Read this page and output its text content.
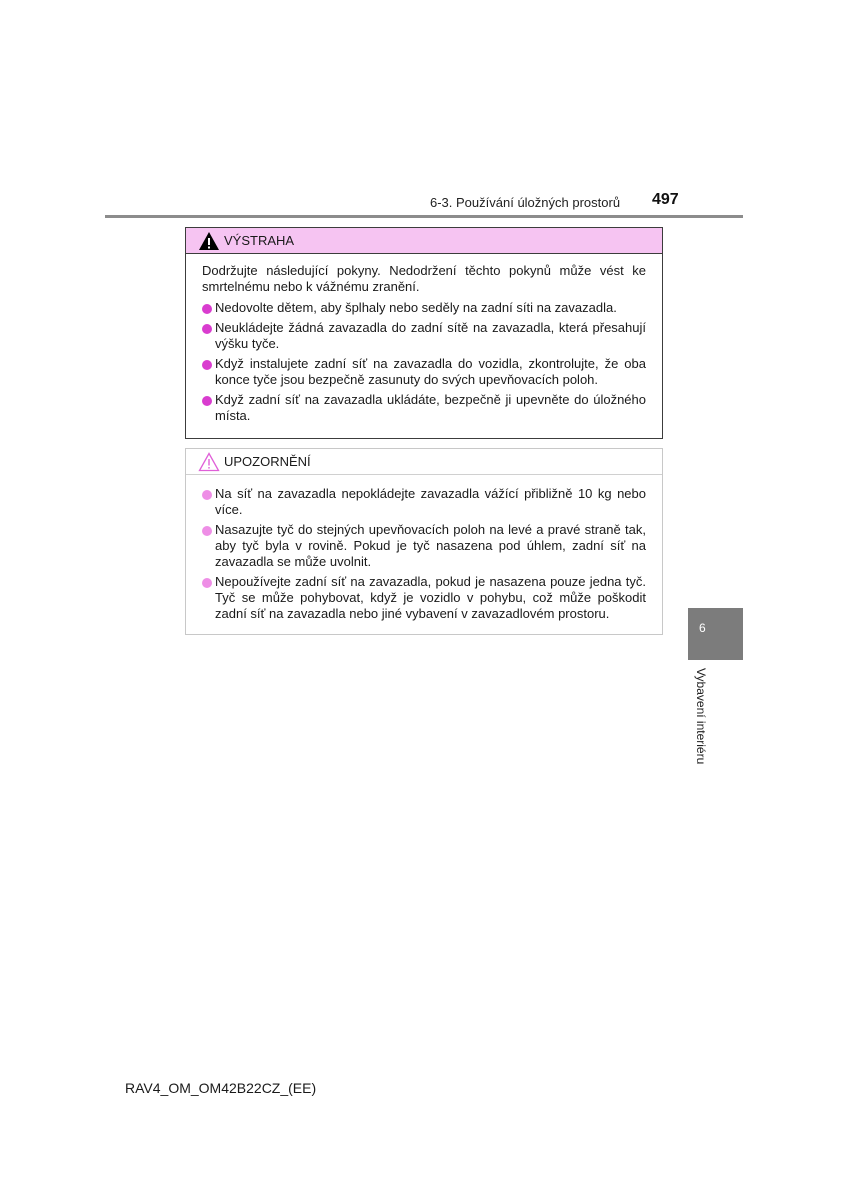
6-3. Používání úložných prostorů 497
VÝSTRAHA

Dodržujte následující pokyny. Nedodržení těchto pokynů může vést ke smrtelnému nebo k vážnému zranění.

Nedovolte dětem, aby šplhaly nebo seděly na zadní síti na zavazadla.
Neukládejte žádná zavazadla do zadní sítě na zavazadla, která přesahují výšku tyče.
Když instalujete zadní síť na zavazadla do vozidla, zkontrolujte, že oba konce tyče jsou bezpečně zasunuty do svých upevňovacích poloh.
Když zadní síť na zavazadla ukládáte, bezpečně ji upevněte do úložného místa.
UPOZORNĚNÍ
Na síť na zavazadla nepokládejte zavazadla vážící přibližně 10 kg nebo více.
Nasazujte tyč do stejných upevňovacích poloh na levé a pravé straně tak, aby tyč byla v rovině. Pokud je tyč nasazena pod úhlem, zadní síť na zavazadla se může uvolnit.
Nepoužívejte zadní síť na zavazadla, pokud je nasazena pouze jedna tyč. Tyč se může pohybovat, když je vozidlo v pohybu, což může poškodit zadní síť na zavazadla nebo jiné vybavení v zavazadlovém prostoru.
6
Vybavení interiéru
RAV4_OM_OM42B22CZ_(EE)
